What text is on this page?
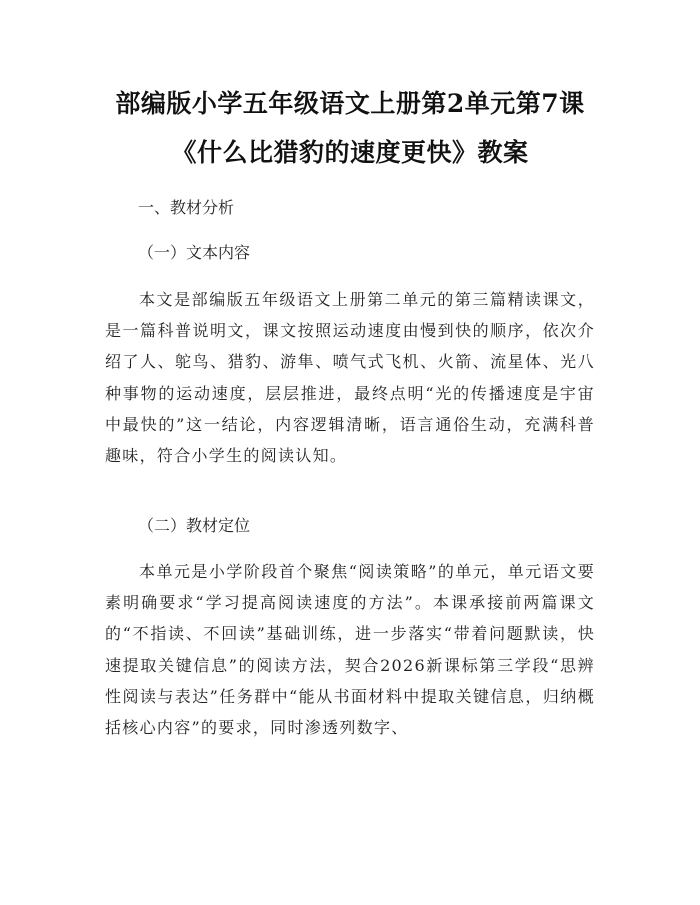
部编版小学五年级语文上册第2单元第7课
《什么比猎豹的速度更快》教案
一、教材分析
（一）文本内容
本文是部编版五年级语文上册第二单元的第三篇精读课文，是一篇科普说明文，课文按照运动速度由慢到快的顺序，依次介绍了人、鸵鸟、猎豹、游隼、喷气式飞机、火箭、流星体、光八种事物的运动速度，层层推进，最终点明“光的传播速度是宇宙中最快的”这一结论，内容逻辑清晰，语言通俗生动，充满科普趣味，符合小学生的阅读认知。
（二）教材定位
本单元是小学阶段首个聚焦“阅读策略”的单元，单元语文要素明确要求“学习提高阅读速度的方法”。本课承接前两篇课文的“不指读、不回读”基础训练，进一步落实“带着问题默读，快速提取关键信息”的阅读方法，契合2026新课标第三学段“思辨性阅读与表达”任务群中“能从书面材料中提取关键信息，归纳概括核心内容”的要求，同时渗透列数字、
